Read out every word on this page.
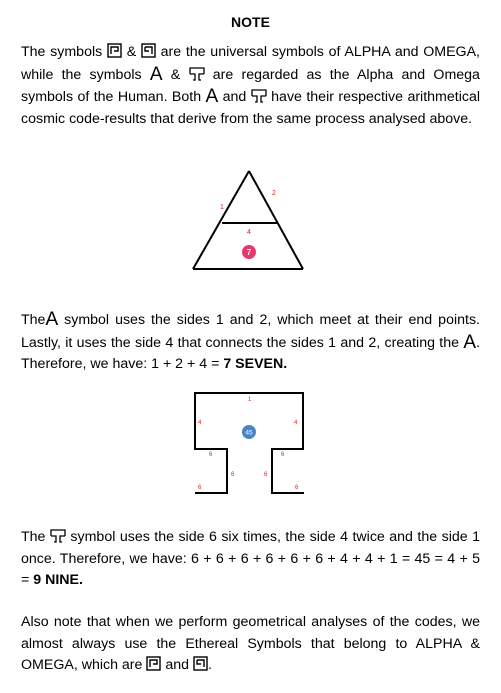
NOTE
The symbols & are the universal symbols of ALPHA and OMEGA, while the symbols A & are regarded as the Alpha and Omega symbols of the Human. Both A and have their respective arithmetical cosmic code-results that derive from the same process analysed above.
1
2
4
7
TheA symbol uses the sides 1 and 2, which meet at their end points. Lastly, it uses the side 4 that connects the sides 1 and 2, creating the A. Therefore, we have: 1 + 2 + 4 = 7 SEVEN.
1
4	4
6	6
6	6
6	6
45
The symbol uses the side 6 six times, the side 4 twice and the side 1 once. Therefore, we have: 6 + 6 + 6 + 6 + 6 + 6 + 4 + 4 + 1 = 45 = 4 + 5 = 9 NINE.
Also note that when we perform geometrical analyses of the codes, we almost always use the Ethereal Symbols that belong to ALPHA & OMEGA, which are and .
